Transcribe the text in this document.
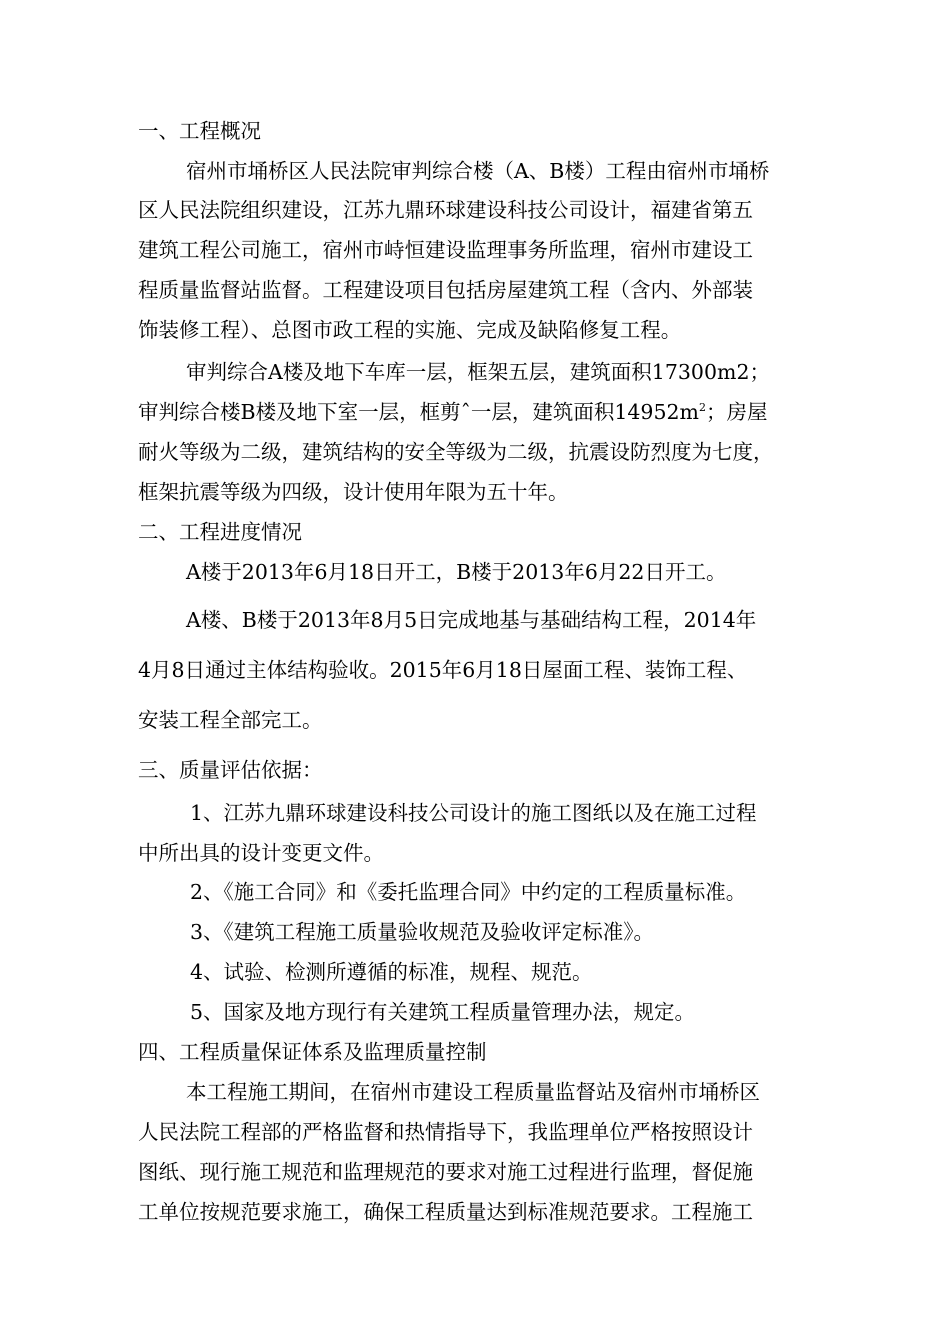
一、工程概况
宿州市埇桥区人民法院审判综合楼（A、B楼）工程由宿州市埇桥
区人民法院组织建设，江苏九鼎环球建设科技公司设计，福建省第五
建筑工程公司施工，宿州市峙恒建设监理事务所监理，宿州市建设工
程质量监督站监督。工程建设项目包括房屋建筑工程（含内、外部装
饰装修工程）、总图市政工程的实施、完成及缺陷修复工程。
审判综合A楼及地下车库一层，框架五层，建筑面积17300m2；
审判综合楼B楼及地下室一层，框剪ˆ一层，建筑面积$14952m^2$；房屋
耐火等级为二级，建筑结构的安全等级为二级，抗震设防烈度为七度，
框架抗震等级为四级，设计使用年限为五十年。
二、工程进度情况
A楼于2013年6月18日开工，B楼于2013年6月22日开工。
A楼、B楼于2013年8月5日完成地基与基础结构工程，2014年
4月8日通过主体结构验收。2015年6月18日屋面工程、装饰工程、
安装工程全部完工。
三、质量评估依据：
1、江苏九鼎环球建设科技公司设计的施工图纸以及在施工过程
中所出具的设计变更文件。
2、《施工合同》和《委托监理合同》中约定的工程质量标准。
3、《建筑工程施工质量验收规范及验收评定标准》。
4、试验、检测所遵循的标准，规程、规范。
5、国家及地方现行有关建筑工程质量管理办法，规定。
四、工程质量保证体系及监理质量控制
本工程施工期间，在宿州市建设工程质量监督站及宿州市埇桥区
人民法院工程部的严格监督和热情指导下，我监理单位严格按照设计
图纸、现行施工规范和监理规范的要求对施工过程进行监理，督促施
工单位按规范要求施工，确保工程质量达到标准规范要求。工程施工
